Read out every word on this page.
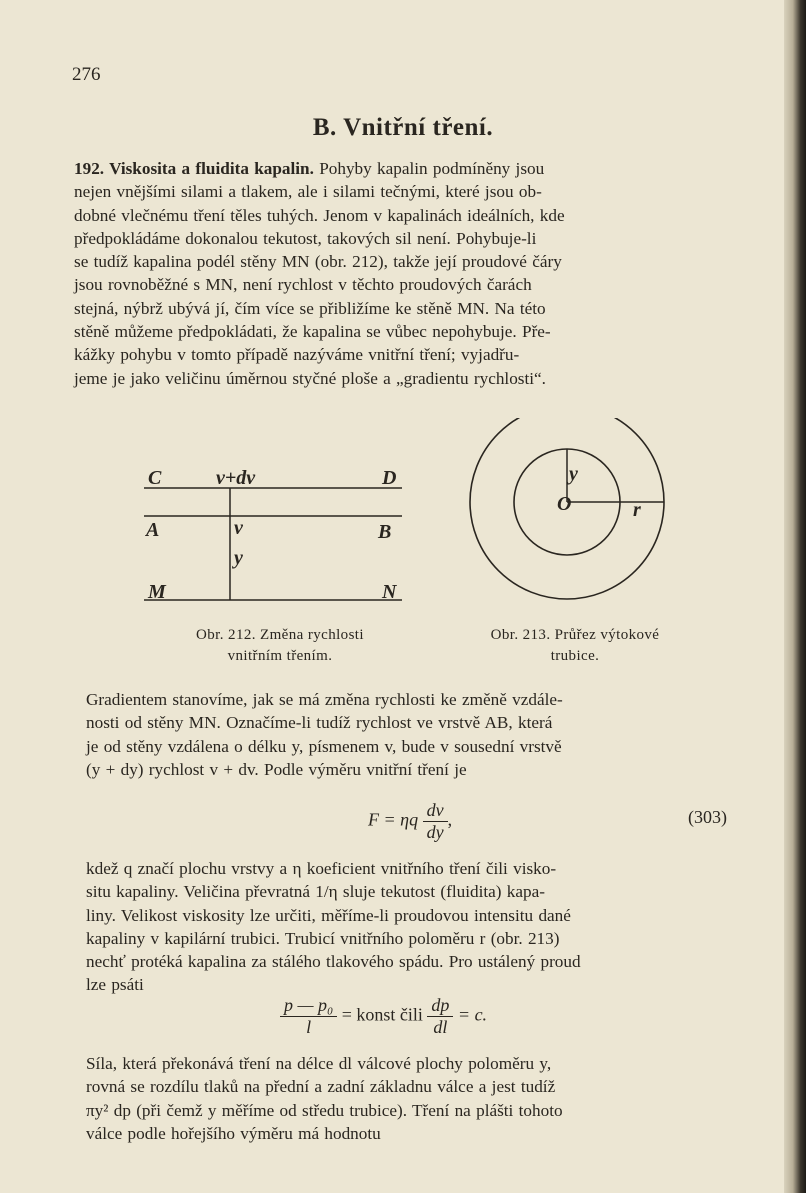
276
B. Vnitřní tření.
192. Viskosita a fluidita kapalin. Pohyby kapalin podmíněny jsou
nejen vnějšími silami a tlakem, ale i silami tečnými, které jsou ob-
dobné vlečnému tření těles tuhých. Jenom v kapalinách ideálních, kde
předpokládáme dokonalou tekutost, takových sil není. Pohybuje-li
se tudíž kapalina podél stěny MN (obr. 212), takže její proudové čáry
jsou rovnoběžné s MN, není rychlost v těchto proudových čarách
stejná, nýbrž ubývá jí, čím více se přibližíme ke stěně MN. Na této
stěně můžeme předpokládati, že kapalina se vůbec nepohybuje. Pře-
kážky pohybu v tomto případě nazýváme vnitřní tření; vyjadřu-
jeme je jako veličinu úměrnou styčné ploše a „gradientu rychlosti“.
C	v+dv	D
A	v	B
y
M	N
Obr. 212. Změna rychlosti
vnitřním třením.
y
O	r
Obr. 213. Průřez výtokové
trubice.
Gradientem stanovíme, jak se má změna rychlosti ke změně vzdále-
nosti od stěny MN. Označíme-li tudíž rychlost ve vrstvě AB, která
je od stěny vzdálena o délku y, písmenem v, bude v sousední vrstvě
(y + dy) rychlost v + dv. Podle výměru vnitřní tření je
F = ηq $\frac{dv}{dy}$ ,	(303)
kdež q značí plochu vrstvy a η koeficient vnitřního tření čili visko-
situ kapaliny. Veličina převratná 1/η sluje tekutost (fluidita) kapa-
liny. Velikost viskosity lze určiti, měříme-li proudovou intensitu dané
kapaliny v kapilární trubici. Trubicí vnitřního poloměru r (obr. 213)
nechť protéká kapalina za stálého tlakového spádu. Pro ustálený proud
lze psáti
$\frac{\text{p — p₀}}{l}$ = konst čili $\frac{dp}{dl} = c$.
Síla, která překonává tření na délce dl válcové plochy poloměru y,
rovná se rozdílu tlaků na přední a zadní základnu válce a jest tudíž
πy² dp (při čemž y měříme od středu trubice). Tření na plášti tohoto
válce podle hořejšího výměru má hodnotu
